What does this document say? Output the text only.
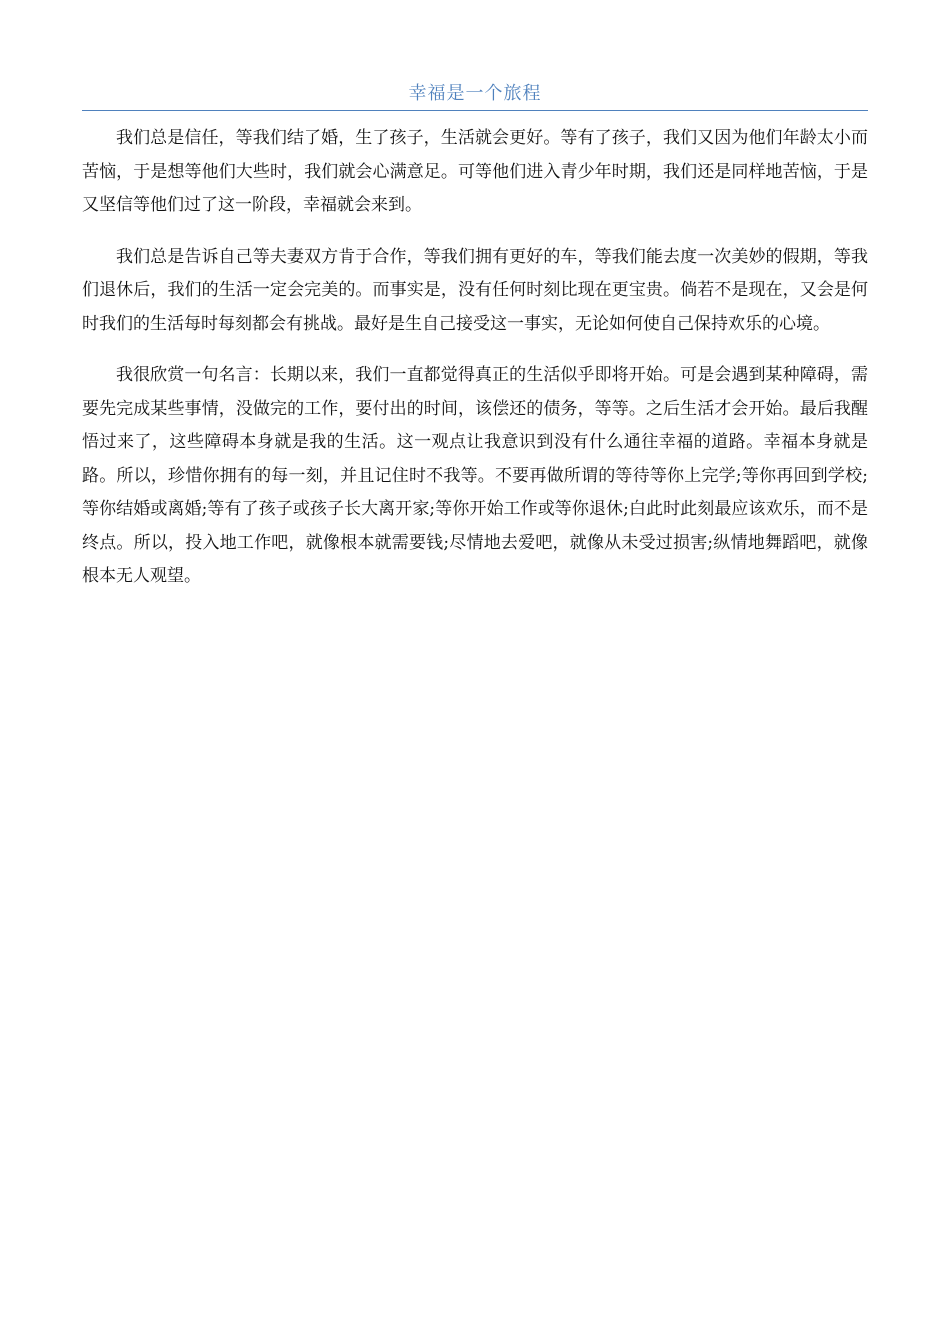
幸福是一个旅程

我们总是信任，等我们结了婚，生了孩子，生活就会更好。等有了孩子，我们又因为他们年龄太小而苦恼，于是想等他们大些时，我们就会心满意足。可等他们进入青少年时期，我们还是同样地苦恼，于是又坚信等他们过了这一阶段，幸福就会来到。

我们总是告诉自己等夫妻双方肯于合作，等我们拥有更好的车，等我们能去度一次美妙的假期，等我们退休后，我们的生活一定会完美的。而事实是，没有任何时刻比现在更宝贵。倘若不是现在，又会是何时我们的生活每时每刻都会有挑战。最好是生自己接受这一事实，无论如何使自己保持欢乐的心境。

我很欣赏一句名言：长期以来，我们一直都觉得真正的生活似乎即将开始。可是会遇到某种障碍，需要先完成某些事情，没做完的工作，要付出的时间，该偿还的债务，等等。之后生活才会开始。最后我醒悟过来了，这些障碍本身就是我的生活。这一观点让我意识到没有什么通往幸福的道路。幸福本身就是路。所以，珍惜你拥有的每一刻，并且记住时不我等。不要再做所谓的等待等你上完学;等你再回到学校;等你结婚或离婚;等有了孩子或孩子长大离开家;等你开始工作或等你退休;白此时此刻最应该欢乐，而不是终点。所以，投入地工作吧，就像根本就需要钱;尽情地去爱吧，就像从未受过损害;纵情地舞蹈吧，就像根本无人观望。
